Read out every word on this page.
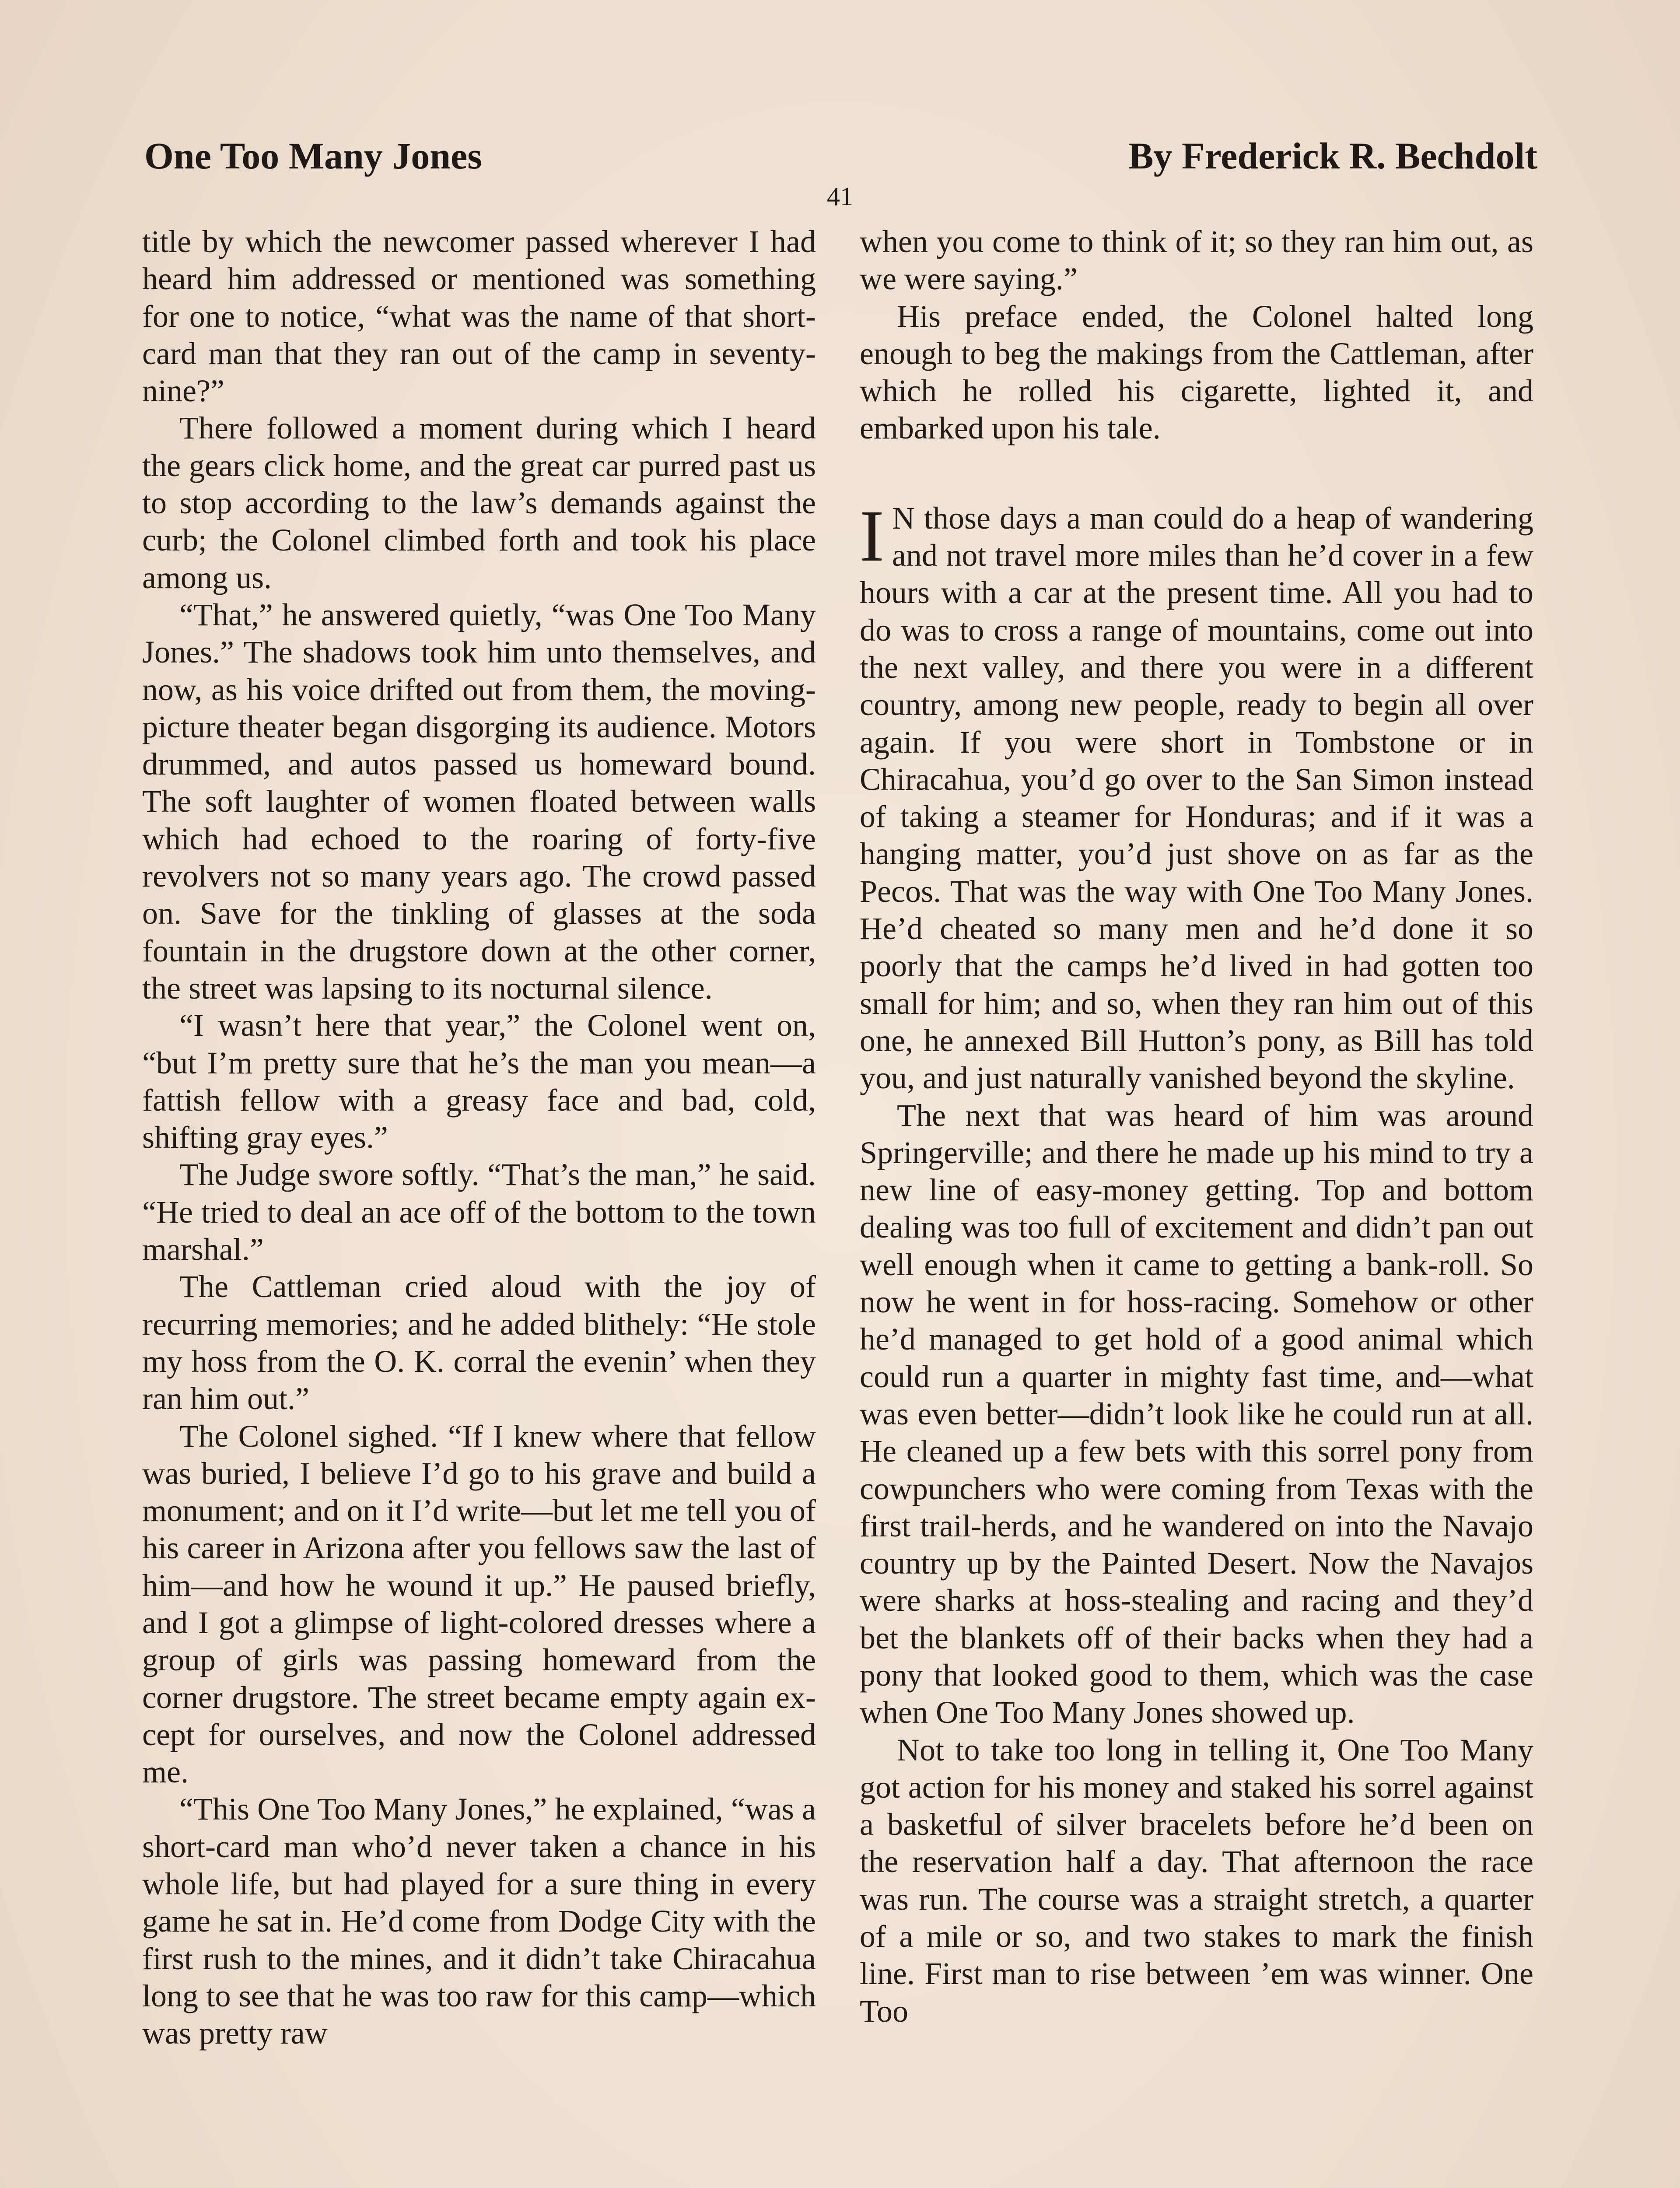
One Too Many Jones	By Frederick R. Bechdolt
41

title by which the newcomer passed wherever I had heard him addressed or mentioned was something for one to notice, “what was the name of that short-card man that they ran out of the camp in seventy-nine?”

There followed a moment during which I heard the gears click home, and the great car purred past us to stop according to the law’s demands against the curb; the Colonel climbed forth and took his place among us.

“That,” he answered quietly, “was One Too Many Jones.” The shadows took him unto themselves, and now, as his voice drifted out from them, the moving-picture theater began disgorging its audience. Motors drummed, and autos passed us homeward bound. The soft laughter of women floated between walls which had echoed to the roaring of forty-five revolvers not so many years ago. The crowd passed on. Save for the tinkling of glasses at the soda fountain in the drugstore down at the other corner, the street was lapsing to its nocturnal silence.

“I wasn’t here that year,” the Colonel went on, “but I’m pretty sure that he’s the man you mean—a fattish fellow with a greasy face and bad, cold, shifting gray eyes.”

The Judge swore softly. “That’s the man,” he said. “He tried to deal an ace off of the bottom to the town marshal.”

The Cattleman cried aloud with the joy of recurring memories; and he added blithely: “He stole my hoss from the O. K. corral the evenin’ when they ran him out.”

The Colonel sighed. “If I knew where that fellow was buried, I believe I’d go to his grave and build a monument; and on it I’d write—but let me tell you of his career in Arizona after you fellows saw the last of him—and how he wound it up.” He paused briefly, and I got a glimpse of light-colored dresses where a group of girls was passing homeward from the corner drugstore. The street became empty again except for ourselves, and now the Colonel addressed me.

“This One Too Many Jones,” he explained, “was a short-card man who’d never taken a chance in his whole life, but had played for a sure thing in every game he sat in. He’d come from Dodge City with the first rush to the mines, and it didn’t take Chiracahua long to see that he was too raw for this camp—which was pretty raw

when you come to think of it; so they ran him out, as we were saying.”

His preface ended, the Colonel halted long enough to beg the makings from the Cattleman, after which he rolled his cigarette, lighted it, and embarked upon his tale.

I N those days a man could do a heap of wandering and not travel more miles than he’d cover in a few hours with a car at the present time. All you had to do was to cross a range of mountains, come out into the next valley, and there you were in a different country, among new people, ready to begin all over again. If you were short in Tombstone or in Chiracahua, you’d go over to the San Simon instead of taking a steamer for Honduras; and if it was a hanging matter, you’d just shove on as far as the Pecos. That was the way with One Too Many Jones. He’d cheated so many men and he’d done it so poorly that the camps he’d lived in had gotten too small for him; and so, when they ran him out of this one, he annexed Bill Hutton’s pony, as Bill has told you, and just naturally vanished beyond the skyline.

The next that was heard of him was around Springerville; and there he made up his mind to try a new line of easy-money getting. Top and bottom dealing was too full of excitement and didn’t pan out well enough when it came to getting a bank-roll. So now he went in for hoss-racing. Somehow or other he’d managed to get hold of a good animal which could run a quarter in mighty fast time, and—what was even better—didn’t look like he could run at all. He cleaned up a few bets with this sorrel pony from cowpunchers who were coming from Texas with the first trail-herds, and he wandered on into the Navajo country up by the Painted Desert. Now the Navajos were sharks at hoss-stealing and racing and they’d bet the blankets off of their backs when they had a pony that looked good to them, which was the case when One Too Many Jones showed up.

Not to take too long in telling it, One Too Many got action for his money and staked his sorrel against a basketful of silver bracelets before he’d been on the reservation half a day. That afternoon the race was run. The course was a straight stretch, a quarter of a mile or so, and two stakes to mark the finish line. First man to rise between ’em was winner. One Too
